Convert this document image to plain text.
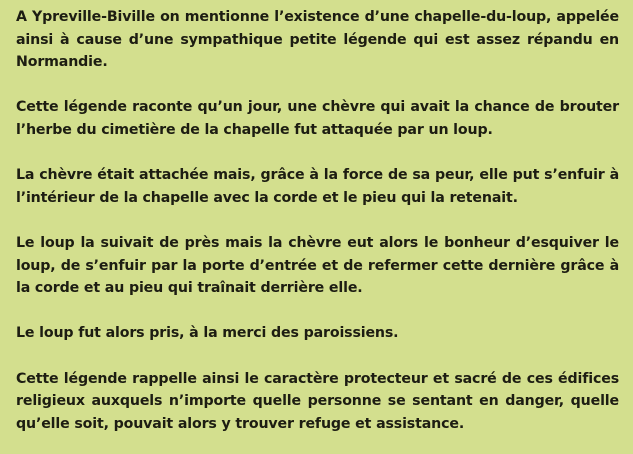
A Ypreville-Biville on mentionne l’existence d’une chapelle-du-loup, appelée ainsi à cause d’une sympathique petite légende qui est assez répandu en Normandie.

Cette légende raconte qu’un jour, une chèvre qui avait la chance de brouter l’herbe du cimetière de la chapelle fut attaquée par un loup.

La chèvre était attachée mais, grâce à la force de sa peur, elle put s’enfuir à l’intérieur de la chapelle avec la corde et le pieu qui la retenait.

Le loup la suivait de près mais la chèvre eut alors le bonheur d’esquiver le loup, de s’enfuir par la porte d’entrée et de refermer cette dernière grâce à la corde et au pieu qui traînait derrière elle.

Le loup fut alors pris, à la merci des paroissiens.

Cette légende rappelle ainsi le caractère protecteur et sacré de ces édifices religieux auxquels n’importe quelle personne se sentant en danger, quelle qu’elle soit, pouvait alors y trouver refuge et assistance.
